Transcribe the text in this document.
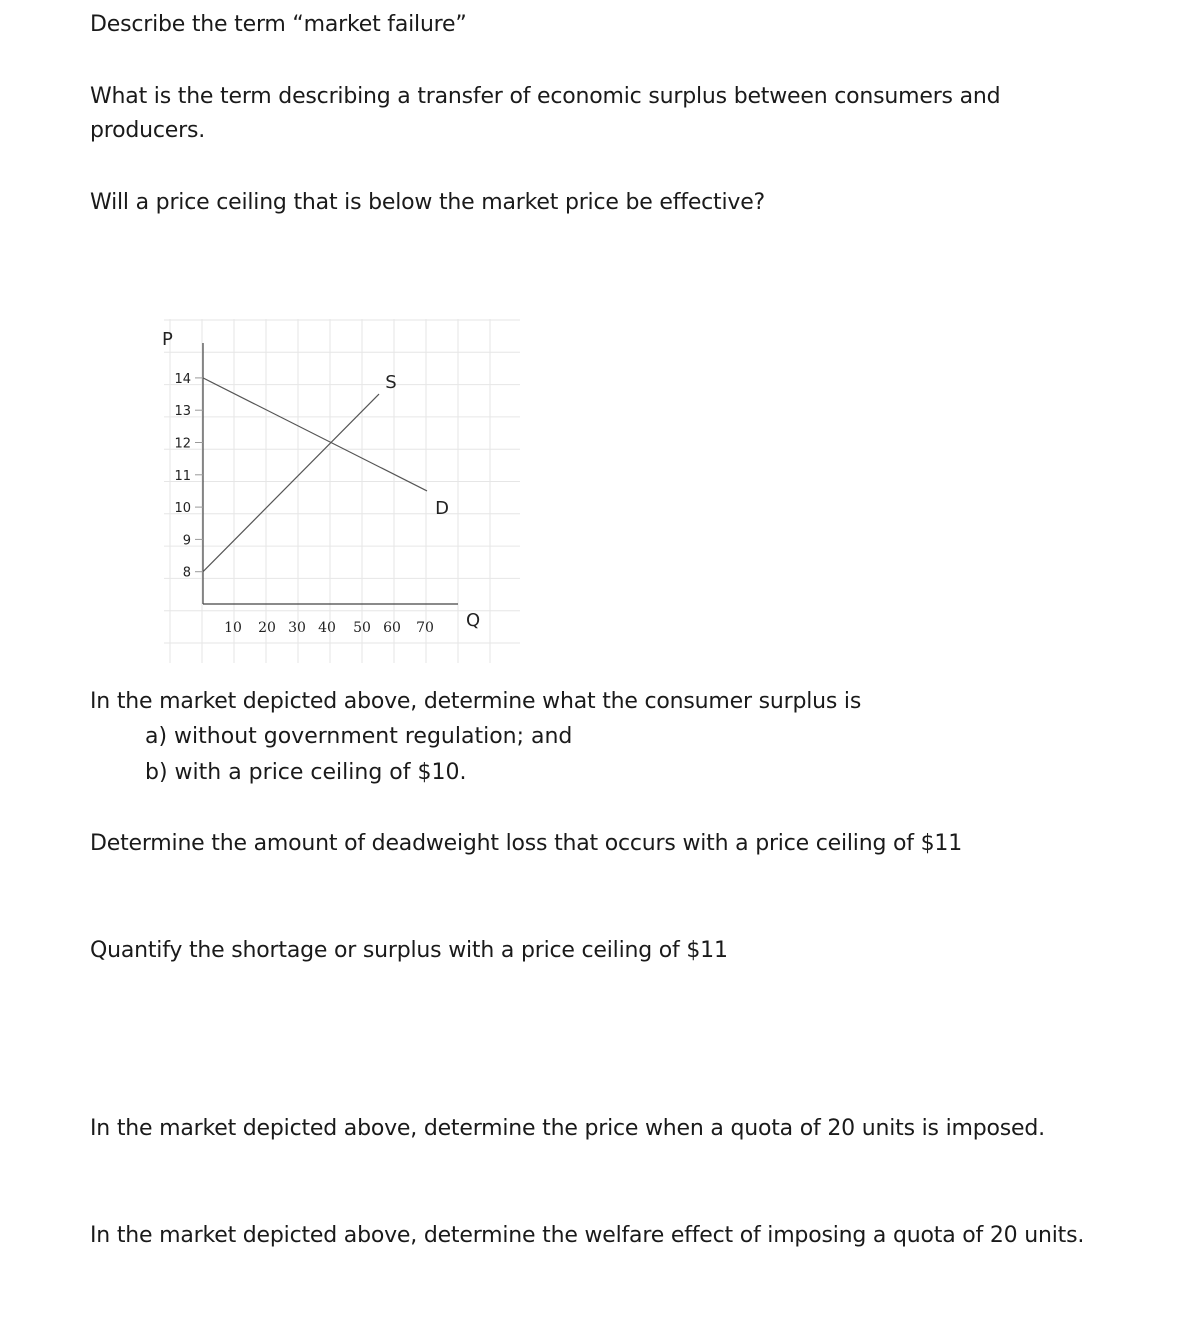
Describe the term “market failure”

What is the term describing a transfer of economic surplus between consumers and producers.

Will a price ceiling that is below the market price be effective?

8
9
10
11
12
13
14
10 20 30 40 50 60 70
S
D
P
Q

In the market depicted above, determine what the consumer surplus is

a) without government regulation; and

b) with a price ceiling of $10.

Determine the amount of deadweight loss that occurs with a price ceiling of $11

Quantify the shortage or surplus with a price ceiling of $11

In the market depicted above, determine the price when a quota of 20 units is imposed.

In the market depicted above, determine the welfare effect of imposing a quota of 20 units.
